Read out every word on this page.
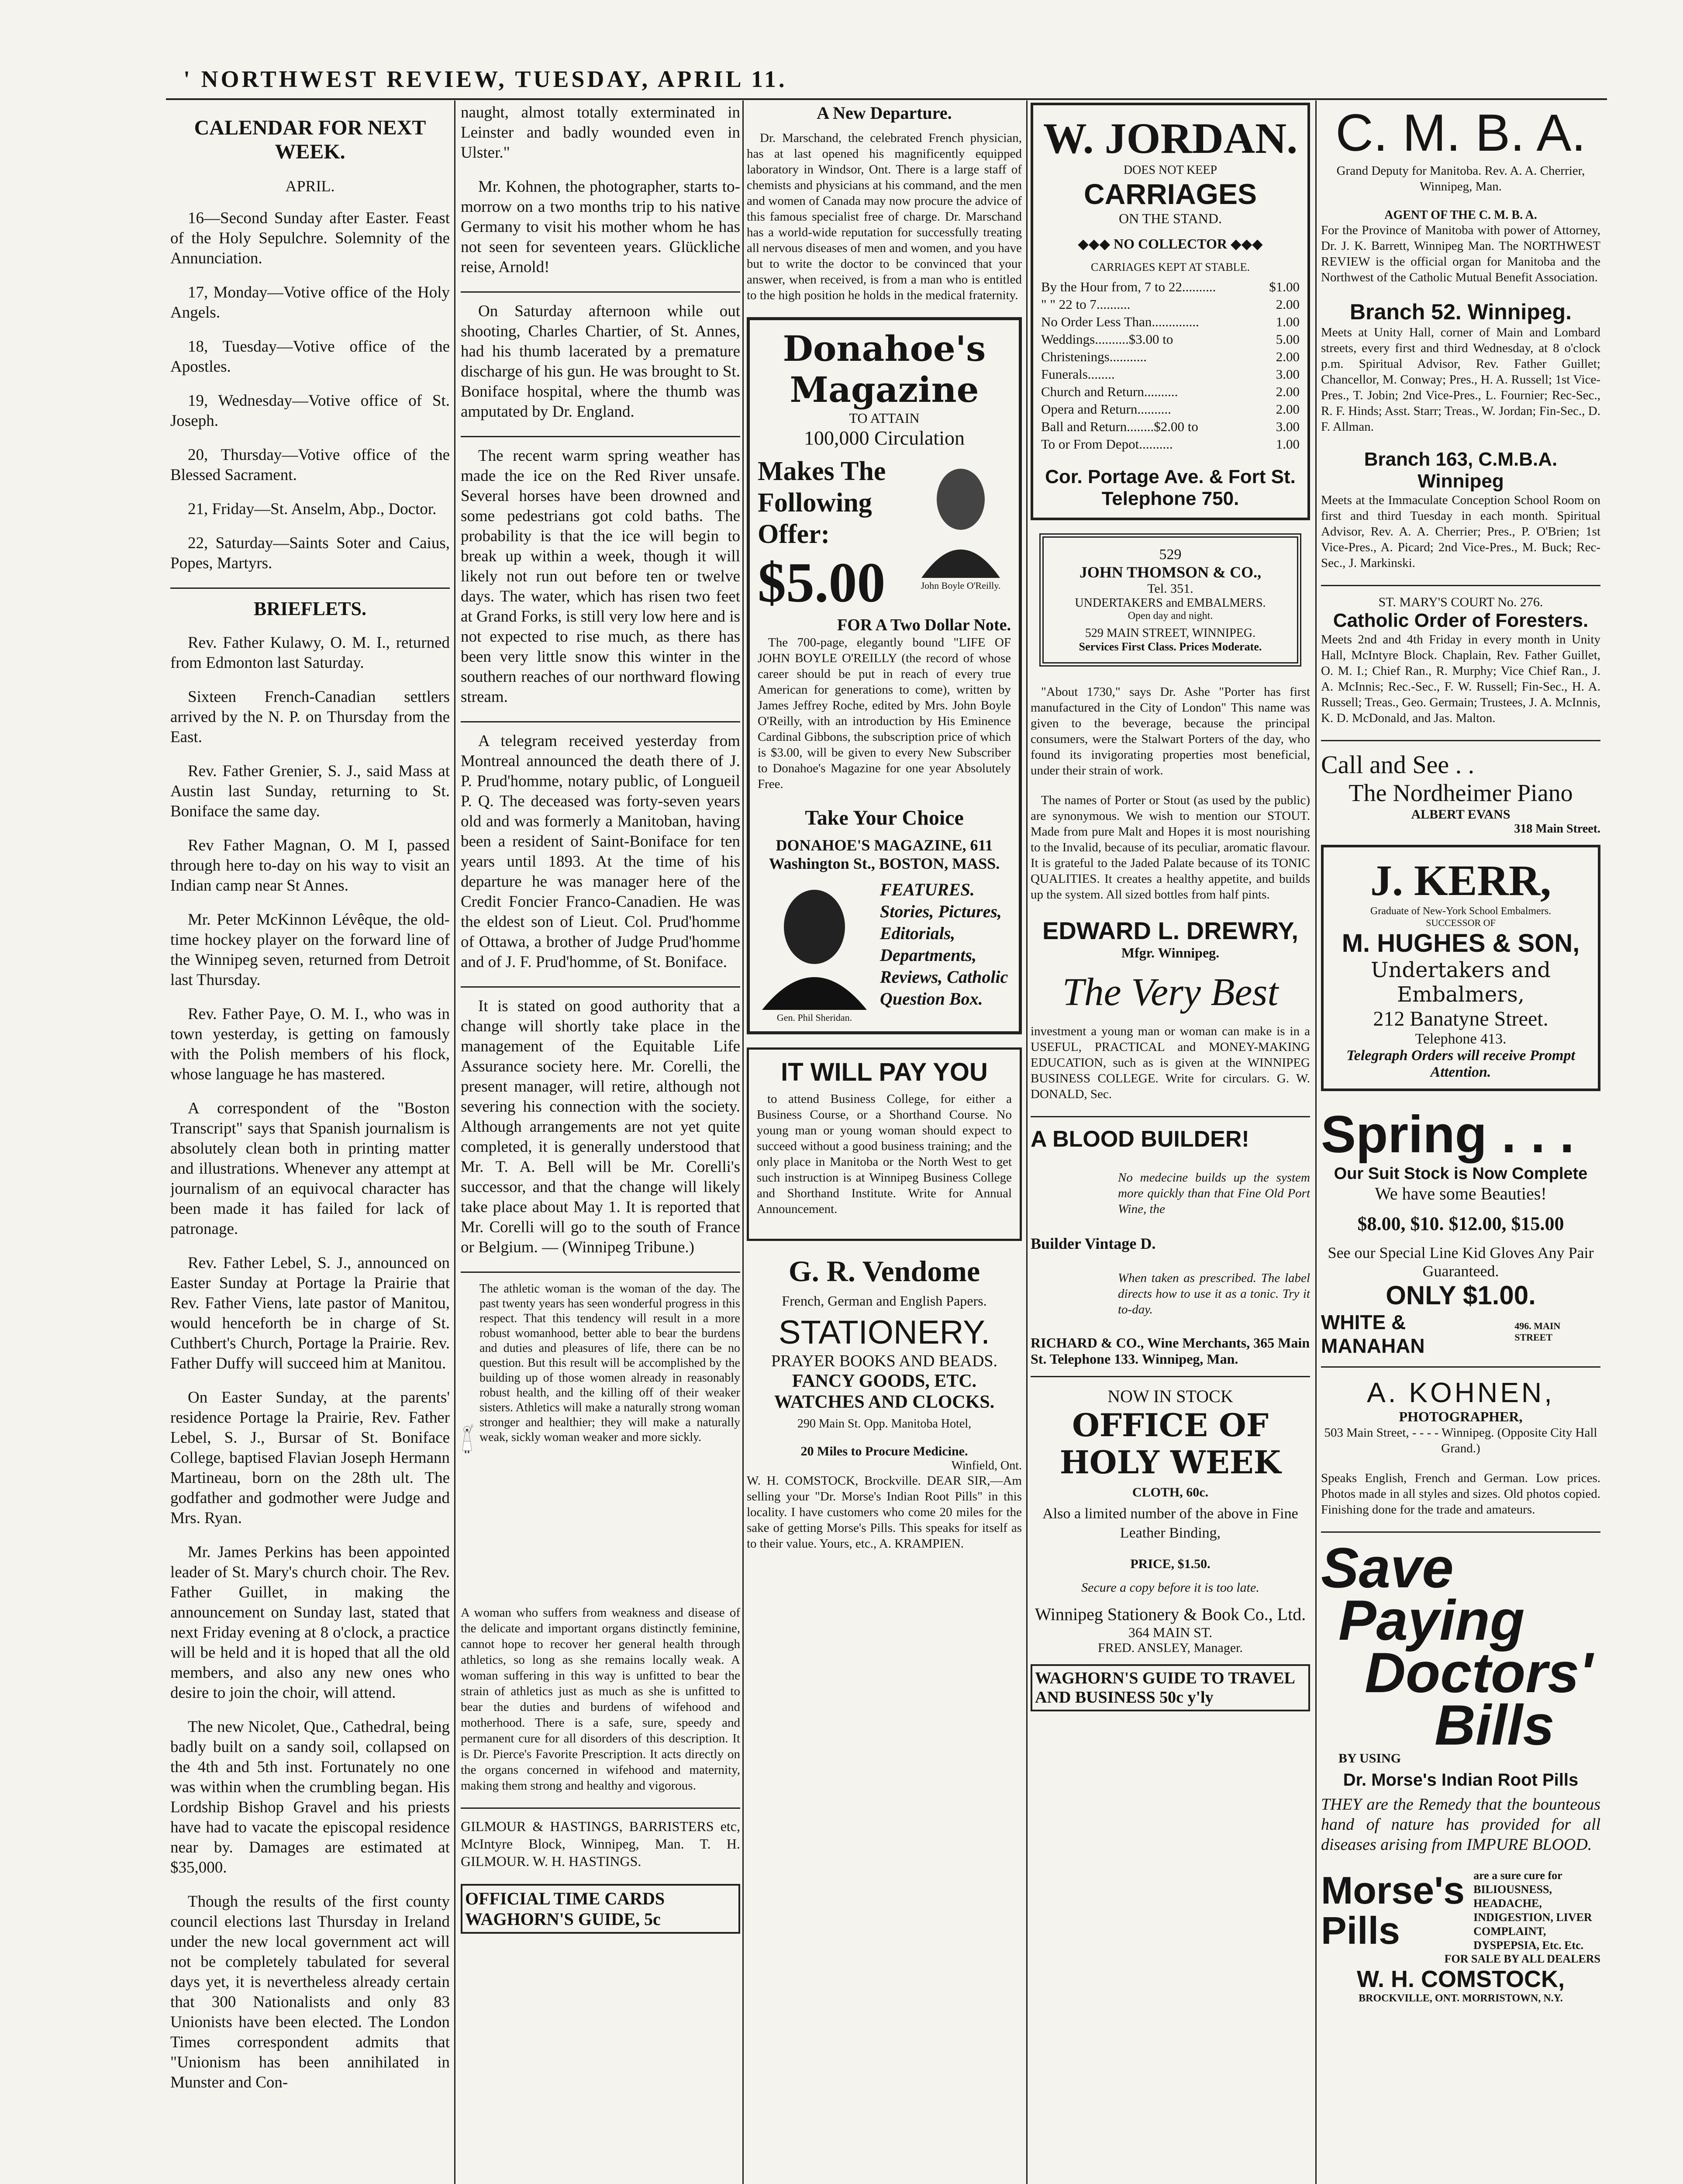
' NORTHWEST REVIEW, TUESDAY, APRIL 11.
CALENDAR FOR NEXT WEEK.
APRIL.

16—Second Sunday after Easter. Feast of the Holy Sepulchre. Solemnity of the Annunciation.

17, Monday—Votive office of the Holy Angels.

18, Tuesday—Votive office of the Apostles.

19, Wednesday—Votive office of St. Joseph.

20, Thursday—Votive office of the Blessed Sacrament.

21, Friday—St. Anselm, Abp., Doctor.

22, Saturday—Saints Soter and Caius, Popes, Martyrs.

BRIEFLETS.

Rev. Father Kulawy, O. M. I., returned from Edmonton last Saturday.

Sixteen French-Canadian settlers arrived by the N. P. on Thursday from the East.

Rev. Father Grenier, S. J., said Mass at Austin last Sunday, returning to St. Boniface the same day.

Rev Father Magnan, O. M I, passed through here to-day on his way to visit an Indian camp near St Annes.

Mr. Peter McKinnon Lévêque, the old-time hockey player on the forward line of the Winnipeg seven, returned from Detroit last Thursday.

Rev. Father Paye, O. M. I., who was in town yesterday, is getting on famously with the Polish members of his flock, whose language he has mastered.

A correspondent of the "Boston Transcript" says that Spanish journalism is absolutely clean both in printing matter and illustrations. Whenever any attempt at journalism of an equivocal character has been made it has failed for lack of patronage.

Rev. Father Lebel, S. J., announced on Easter Sunday at Portage la Prairie that Rev. Father Viens, late pastor of Manitou, would henceforth be in charge of St. Cuthbert's Church, Portage la Prairie. Rev. Father Duffy will succeed him at Manitou.

On Easter Sunday, at the parents' residence Portage la Prairie, Rev. Father Lebel, S. J., Bursar of St. Boniface College, baptised Flavian Joseph Hermann Martineau, born on the 28th ult. The godfather and godmother were Judge and Mrs. Ryan.

Mr. James Perkins has been appointed leader of St. Mary's church choir. The Rev. Father Guillet, in making the announcement on Sunday last, stated that next Friday evening at 8 o'clock, a practice will be held and it is hoped that all the old members, and also any new ones who desire to join the choir, will attend.

The new Nicolet, Que., Cathedral, being badly built on a sandy soil, collapsed on the 4th and 5th inst. Fortunately no one was within when the crumbling began. His Lordship Bishop Gravel and his priests have had to vacate the episcopal residence near by. Damages are estimated at $35,000.

Though the results of the first county council elections last Thursday in Ireland under the new local government act will not be completely tabulated for several days yet, it is nevertheless already certain that 300 Nationalists and only 83 Unionists have been elected. The London Times correspondent admits that "Unionism has been annihilated in Munster and Con-

naught, almost totally exterminated in Leinster and badly wounded even in Ulster."

Mr. Kohnen, the photographer, starts to-morrow on a two months trip to his native Germany to visit his mother whom he has not seen for seventeen years. Glückliche reise, Arnold!

On Saturday afternoon while out shooting, Charles Chartier, of St. Annes, had his thumb lacerated by a premature discharge of his gun. He was brought to St. Boniface hospital, where the thumb was amputated by Dr. England.

The recent warm spring weather has made the ice on the Red River unsafe. Several horses have been drowned and some pedestrians got cold baths. The probability is that the ice will begin to break up within a week, though it will likely not run out before ten or twelve days. The water, which has risen two feet at Grand Forks, is still very low here and is not expected to rise much, as there has been very little snow this winter in the southern reaches of our northward flowing stream.

A telegram received yesterday from Montreal announced the death there of J. P. Prud'homme, notary public, of Longueil P. Q. The deceased was forty-seven years old and was formerly a Manitoban, having been a resident of Saint-Boniface for ten years until 1893. At the time of his departure he was manager here of the Credit Foncier Franco-Canadien. He was the eldest son of Lieut. Col. Prud'homme of Ottawa, a brother of Judge Prud'homme and of J. F. Prud'homme, of St. Boniface.

It is stated on good authority that a change will shortly take place in the management of the Equitable Life Assurance society here. Mr. Corelli, the present manager, will retire, although not severing his connection with the society. Although arrangements are not yet quite completed, it is generally understood that Mr. T. A. Bell will be Mr. Corelli's successor, and that the change will likely take place about May 1. It is reported that Mr. Corelli will go to the south of France or Belgium. — (Winnipeg Tribune.)

The athletic woman is the woman of the day. The past twenty years has seen wonderful progress in this respect. That this tendency will result in a more robust womanhood, better able to bear the burdens and duties and pleasures of life, there can be no question. But this result will be accomplished by the building up of those women already in reasonably robust health, and the killing off of their weaker sisters. Athletics will make a naturally strong woman stronger and healthier; they will make a naturally weak, sickly woman weaker and more sickly.

A woman who suffers from weakness and disease of the delicate and important organs distinctly feminine, cannot hope to recover her general health through athletics, so long as she remains locally weak. A woman suffering in this way is unfitted to bear the strain of athletics just as much as she is unfitted to bear the duties and burdens of wifehood and motherhood. There is a safe, sure, speedy and permanent cure for all disorders of this description. It is Dr. Pierce's Favorite Prescription. It acts directly on the organs concerned in wifehood and maternity, making them strong and healthy and vigorous.

GILMOUR & HASTINGS, BARRISTERS etc, McIntyre Block, Winnipeg, Man. T. H. GILMOUR. W. H. HASTINGS.

OFFICIAL TIME CARDS WAGHORN'S GUIDE, 5c
A New Departure.

Dr. Marschand, the celebrated French physician, has at last opened his magnificently equipped laboratory in Windsor, Ont. There is a large staff of chemists and physicians at his command, and the men and women of Canada may now procure the advice of this famous specialist free of charge. Dr. Marschand has a world-wide reputation for successfully treating all nervous diseases of men and women, and you have but to write the doctor to be convinced that your answer, when received, is from a man who is entitled to the high position he holds in the medical fraternity.

Donahoe's Magazine
TO ATTAIN
100,000 Circulation
Makes The Following Offer:
$5.00	John Boyle O'Reilly.
FOR A Two Dollar Note.

The 700-page, elegantly bound "LIFE OF JOHN BOYLE O'REILLY (the record of whose career should be put in reach of every true American for generations to come), written by James Jeffrey Roche, edited by Mrs. John Boyle O'Reilly, with an introduction by His Eminence Cardinal Gibbons, the subscription price of which is $3.00, will be given to every New Subscriber to Donahoe's Magazine for one year Absolutely Free.

Take Your Choice
DONAHOE'S MAGAZINE, 611 Washington St., BOSTON, MASS.
Gen. Phil Sheridan.
FEATURES. Stories, Pictures, Editorials, Departments, Reviews, Catholic Question Box.
IT WILL PAY YOU

to attend Business College, for either a Business Course, or a Shorthand Course. No young man or young woman should expect to succeed without a good business training; and the only place in Manitoba or the North West to get such instruction is at Winnipeg Business College and Shorthand Institute. Write for Annual Announcement.

G. R. Vendome
French, German and English Papers.
STATIONERY.
PRAYER BOOKS AND BEADS.
FANCY GOODS, ETC.
WATCHES AND CLOCKS.
290 Main St. Opp. Manitoba Hotel,
20 Miles to Procure Medicine.
Winfield, Ont.

W. H. COMSTOCK, Brockville. DEAR SIR,—Am selling your "Dr. Morse's Indian Root Pills" in this locality. I have customers who come 20 miles for the sake of getting Morse's Pills. This speaks for itself as to their value. Yours, etc., A. KRAMPIEN.

W. JORDAN.
DOES NOT KEEP
CARRIAGES
ON THE STAND.
◆◆◆ NO COLLECTOR ◆◆◆
CARRIAGES KEPT AT STABLE.
By the Hour from, 7 to 22..........	$1.00
" " 22 to 7..........	2.00
No Order Less Than..............	1.00
Weddings..........$3.00 to	5.00
Christenings...........	2.00
Funerals........	3.00
Church and Return..........	2.00
Opera and Return..........	2.00
Ball and Return........$2.00 to	3.00
To or From Depot..........	1.00
Cor. Portage Ave. & Fort St.
Telephone 750.
529
JOHN THOMSON & CO.,
Tel. 351.
UNDERTAKERS and EMBALMERS.
Open day and night.
529 MAIN STREET, WINNIPEG.
Services First Class. Prices Moderate.

"About 1730," says Dr. Ashe "Porter has first manufactured in the City of London" This name was given to the beverage, because the principal consumers, were the Stalwart Porters of the day, who found its invigorating properties most beneficial, under their strain of work.

The names of Porter or Stout (as used by the public) are synonymous. We wish to mention our STOUT. Made from pure Malt and Hopes it is most nourishing to the Invalid, because of its peculiar, aromatic flavour. It is grateful to the Jaded Palate because of its TONIC QUALITIES. It creates a healthy appetite, and builds up the system. All sized bottles from half pints.

EDWARD L. DREWRY,
Mfgr. Winnipeg.
The Very Best

investment a young man or woman can make is in a USEFUL, PRACTICAL and MONEY-MAKING EDUCATION, such as is given at the WINNIPEG BUSINESS COLLEGE. Write for circulars. G. W. DONALD, Sec.

A BLOOD BUILDER!

No medecine builds up the system more quickly than that Fine Old Port Wine, the

Builder Vintage D.

When taken as prescribed. The label directs how to use it as a tonic. Try it to-day.

RICHARD & CO., Wine Merchants, 365 Main St. Telephone 133. Winnipeg, Man.
NOW IN STOCK
OFFICE OF HOLY WEEK
CLOTH, 60c.

Also a limited number of the above in Fine Leather Binding,

PRICE, $1.50.
Secure a copy before it is too late.
Winnipeg Stationery & Book Co., Ltd.
364 MAIN ST.
FRED. ANSLEY, Manager.
WAGHORN'S GUIDE TO TRAVEL AND BUSINESS 50c y'ly
C. M. B. A.

Grand Deputy for Manitoba. Rev. A. A. Cherrier, Winnipeg, Man.

AGENT OF THE C. M. B. A.

For the Province of Manitoba with power of Attorney, Dr. J. K. Barrett, Winnipeg Man. The NORTHWEST REVIEW is the official organ for Manitoba and the Northwest of the Catholic Mutual Benefit Association.

Branch 52. Winnipeg.

Meets at Unity Hall, corner of Main and Lombard streets, every first and third Wednesday, at 8 o'clock p.m. Spiritual Advisor, Rev. Father Guillet; Chancellor, M. Conway; Pres., H. A. Russell; 1st Vice-Pres., T. Jobin; 2nd Vice-Pres., L. Fournier; Rec-Sec., R. F. Hinds; Asst. Starr; Treas., W. Jordan; Fin-Sec., D. F. Allman.

Branch 163, C.M.B.A. Winnipeg

Meets at the Immaculate Conception School Room on first and third Tuesday in each month. Spiritual Advisor, Rev. A. A. Cherrier; Pres., P. O'Brien; 1st Vice-Pres., A. Picard; 2nd Vice-Pres., M. Buck; Rec-Sec., J. Markinski.

ST. MARY'S COURT No. 276.
Catholic Order of Foresters.

Meets 2nd and 4th Friday in every month in Unity Hall, McIntyre Block. Chaplain, Rev. Father Guillet, O. M. I.; Chief Ran., R. Murphy; Vice Chief Ran., J. A. McInnis; Rec.-Sec., F. W. Russell; Fin-Sec., H. A. Russell; Treas., Geo. Germain; Trustees, J. A. McInnis, K. D. McDonald, and Jas. Malton.

Call and See . .
The Nordheimer Piano
ALBERT EVANS
318 Main Street.
J. KERR,
Graduate of New-York School Embalmers.
SUCCESSOR OF
M. HUGHES & SON,
Undertakers and Embalmers,
212 Banatyne Street.
Telephone 413.
Telegraph Orders will receive Prompt Attention.
Spring . . .
Our Suit Stock is Now Complete
We have some Beauties!
$8.00, $10. $12.00, $15.00
See our Special Line Kid Gloves Any Pair Guaranteed.
ONLY $1.00.
WHITE & MANAHAN
496. MAIN STREET
A. KOHNEN,
PHOTOGRAPHER,

503 Main Street, - - - - Winnipeg. (Opposite City Hall Grand.)

Speaks English, French and German. Low prices. Photos made in all styles and sizes. Old photos copied. Finishing done for the trade and amateurs.

Save
Paying
Doctors'
Bills
BY USING
Dr. Morse's Indian Root Pills

THEY are the Remedy that the bounteous hand of nature has provided for all diseases arising from IMPURE BLOOD.

Morse's Pills
are a sure cure for BILIOUSNESS, HEADACHE, INDIGESTION, LIVER COMPLAINT, DYSPEPSIA, Etc. Etc.
FOR SALE BY ALL DEALERS
W. H. COMSTOCK,
BROCKVILLE, ONT. MORRISTOWN, N.Y.
